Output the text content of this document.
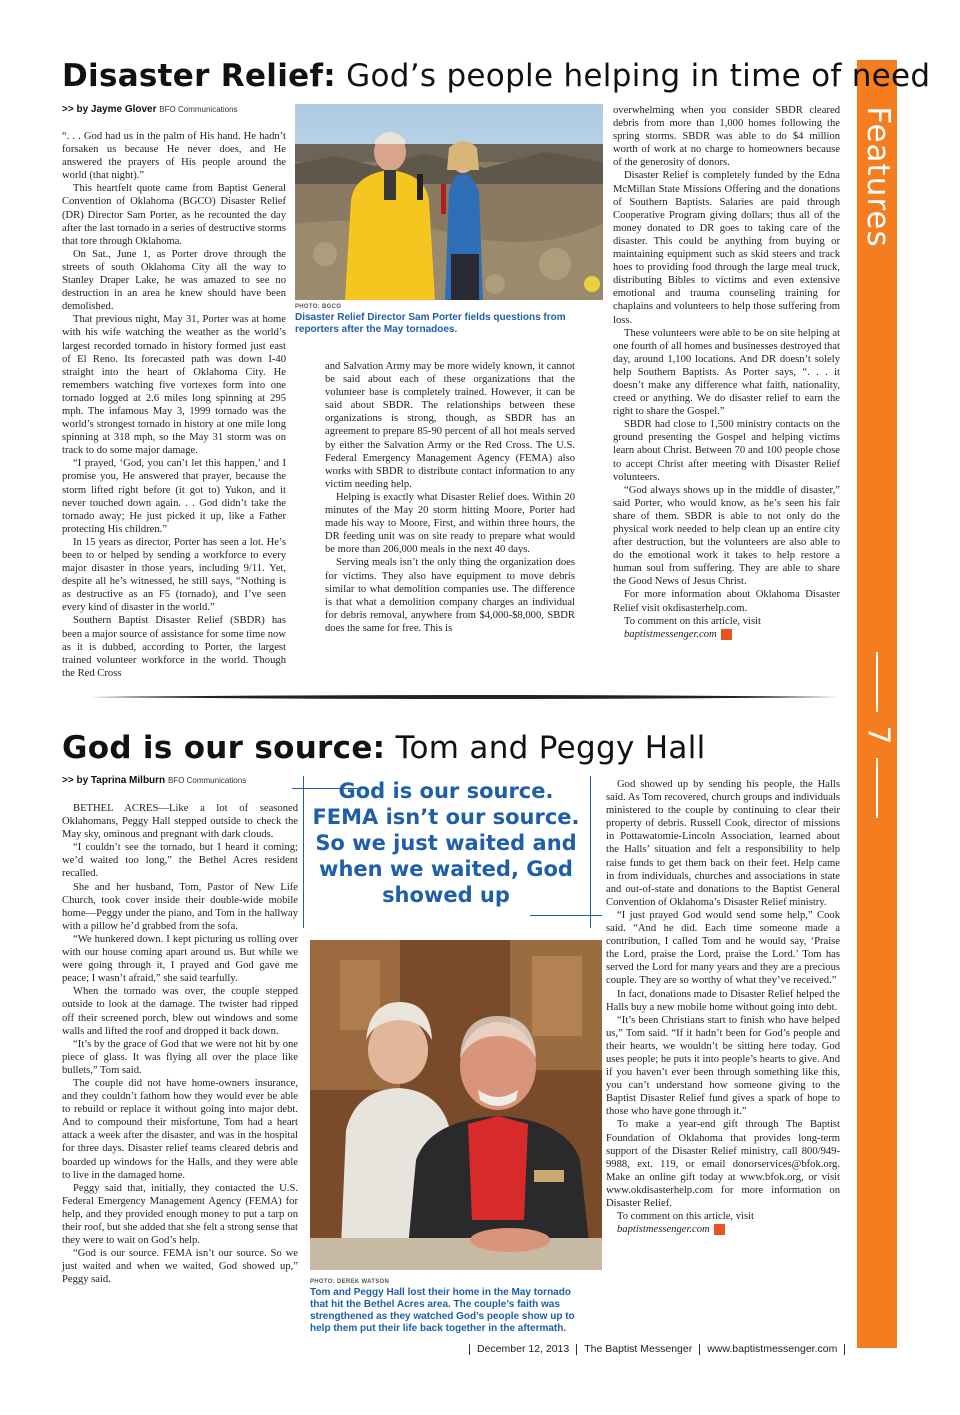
Features
7
Disaster Relief: God’s people helping in time of need
>> by Jayme Glover BFO Communications

“. . . God had us in the palm of His hand. He hadn’t forsaken us because He never does, and He answered the prayers of His people around the world (that night).”

This heartfelt quote came from Baptist General Convention of Oklahoma (BGCO) Disaster Relief (DR) Director Sam Porter, as he recounted the day after the last tornado in a series of destructive storms that tore through Oklahoma.

On Sat., June 1, as Porter drove through the streets of south Oklahoma City all the way to Stanley Draper Lake, he was amazed to see no destruction in an area he knew should have been demolished.

That previous night, May 31, Porter was at home with his wife watching the weather as the world’s largest recorded tornado in history formed just east of El Reno. Its forecasted path was down I-40 straight into the heart of Oklahoma City. He remembers watching five vortexes form into one tornado logged at 2.6 miles long spinning at 295 mph. The infamous May 3, 1999 tornado was the world’s strongest tornado in history at one mile long spinning at 318 mph, so the May 31 storm was on track to do some major damage.

“I prayed, ‘God, you can’t let this happen,’ and I promise you, He answered that prayer, because the storm lifted right before (it got to) Yukon, and it never touched down again. . . God didn’t take the tornado away; He just picked it up, like a Father protecting His children.”

In 15 years as director, Porter has seen a lot. He’s been to or helped by sending a workforce to every major disaster in those years, including 9/11. Yet, despite all he’s witnessed, he still says, “Nothing is as destructive as an F5 (tornado), and I’ve seen every kind of disaster in the world.”

Southern Baptist Disaster Relief (SBDR) has been a major source of assistance for some time now as it is dubbed, according to Porter, the largest trained volunteer workforce in the world. Though the Red Cross

PHOTO: BGCO
Disaster Relief Director Sam Porter fields questions from reporters after the May tornadoes.

and Salvation Army may be more widely known, it cannot be said about each of these organizations that the volunteer base is completely trained. However, it can be said about SBDR. The relationships between these organizations is strong, though, as SBDR has an agreement to prepare 85-90 percent of all hot meals served by either the Salvation Army or the Red Cross. The U.S. Federal Emergency Management Agency (FEMA) also works with SBDR to distribute contact information to any victim needing help.

Helping is exactly what Disaster Relief does. Within 20 minutes of the May 20 storm hitting Moore, Porter had made his way to Moore, First, and within three hours, the DR feeding unit was on site ready to prepare what would be more than 206,000 meals in the next 40 days.

Serving meals isn’t the only thing the organization does for victims. They also have equipment to move debris similar to what demolition companies use. The difference is that what a demolition company charges an individual for debris removal, anywhere from $4,000-$8,000, SBDR does the same for free. This is

overwhelming when you consider SBDR cleared debris from more than 1,000 homes following the spring storms. SBDR was able to do $4 million worth of work at no charge to homeowners because of the generosity of donors.

Disaster Relief is completely funded by the Edna McMillan State Missions Offering and the donations of Southern Baptists. Salaries are paid through Cooperative Program giving dollars; thus all of the money donated to DR goes to taking care of the disaster. This could be anything from buying or maintaining equipment such as skid steers and track hoes to providing food through the large meal truck, distributing Bibles to victims and even extensive emotional and trauma counseling training for chaplains and volunteers to help those suffering from loss.

These volunteers were able to be on site helping at one fourth of all homes and businesses destroyed that day, around 1,100 locations. And DR doesn’t solely help Southern Baptists. As Porter says, “. . . it doesn’t make any difference what faith, nationality, creed or anything. We do disaster relief to earn the right to share the Gospel.”

SBDR had close to 1,500 ministry contacts on the ground presenting the Gospel and helping victims learn about Christ. Between 70 and 100 people chose to accept Christ after meeting with Disaster Relief volunteers.

“God always shows up in the middle of disaster,” said Porter, who would know, as he’s seen his fair share of them. SBDR is able to not only do the physical work needed to help clean up an entire city after destruction, but the volunteers are also able to do the emotional work it takes to help restore a human soul from suffering. They are able to share the Good News of Jesus Christ.

For more information about Oklahoma Disaster Relief visit okdisasterhelp.com.

To comment on this article, visit

baptistmessenger.com m

God is our source: Tom and Peggy Hall
>> by Taprina Milburn BFO Communications

BETHEL ACRES—Like a lot of seasoned Oklahomans, Peggy Hall stepped outside to check the May sky, ominous and pregnant with dark clouds.

“I couldn’t see the tornado, but I heard it coming; we’d waited too long,” the Bethel Acres resident recalled.

She and her husband, Tom, Pastor of New Life Church, took cover inside their double-wide mobile home—Peggy under the piano, and Tom in the hallway with a pillow he’d grabbed from the sofa.

“We hunkered down. I kept picturing us rolling over with our house coming apart around us. But while we were going through it, I prayed and God gave me peace; I wasn’t afraid,” she said tearfully.

When the tornado was over, the couple stepped outside to look at the damage. The twister had ripped off their screened porch, blew out windows and some walls and lifted the roof and dropped it back down.

“It’s by the grace of God that we were not hit by one piece of glass. It was flying all over the place like bullets,” Tom said.

The couple did not have home-owners insurance, and they couldn’t fathom how they would ever be able to rebuild or replace it without going into major debt. And to compound their misfortune, Tom had a heart attack a week after the disaster, and was in the hospital for three days. Disaster relief teams cleared debris and boarded up windows for the Halls, and they were able to live in the damaged home.

Peggy said that, initially, they contacted the U.S. Federal Emergency Management Agency (FEMA) for help, and they provided enough money to put a tarp on their roof, but she added that she felt a strong sense that they were to wait on God’s help.

“God is our source. FEMA isn’t our source. So we just waited and when we waited, God showed up,” Peggy said.

God is our source. FEMA isn’t our source. So we just waited and when we waited, God showed up
PHOTO: DEREK WATSON
Tom and Peggy Hall lost their home in the May tornado that hit the Bethel Acres area. The couple’s faith was strengthened as they watched God’s people show up to help them put their life back together in the aftermath.

God showed up by sending his people, the Halls said. As Tom recovered, church groups and individuals ministered to the couple by continuing to clear their property of debris. Russell Cook, director of missions in Pottawatomie-Lincoln Association, learned about the Halls’ situation and felt a responsibility to help raise funds to get them back on their feet. Help came in from individuals, churches and associations in state and out-of-state and donations to the Baptist General Convention of Oklahoma’s Disaster Relief ministry.

“I just prayed God would send some help,” Cook said. “And he did. Each time someone made a contribution, I called Tom and he would say, ‘Praise the Lord, praise the Lord, praise the Lord.’ Tom has served the Lord for many years and they are a precious couple. They are so worthy of what they’ve received.”

In fact, donations made to Disaster Relief helped the Halls buy a new mobile home without going into debt.

“It’s been Christians start to finish who have helped us,” Tom said. “If it hadn’t been for God’s people and their hearts, we wouldn’t be sitting here today. God uses people; he puts it into people’s hearts to give. And if you haven’t ever been through something like this, you can’t understand how someone giving to the Baptist Disaster Relief fund gives a spark of hope to those who have gone through it.”

To make a year-end gift through The Baptist Foundation of Oklahoma that provides long-term support of the Disaster Relief ministry, call 800/949-9988, ext. 119, or email donorservices@bfok.org. Make an online gift today at www.bfok.org, or visit www.okdisasterhelp.com for more information on Disaster Relief.

To comment on this article, visit

baptistmessenger.com m

December 12, 2013 The Baptist Messenger www.baptistmessenger.com
